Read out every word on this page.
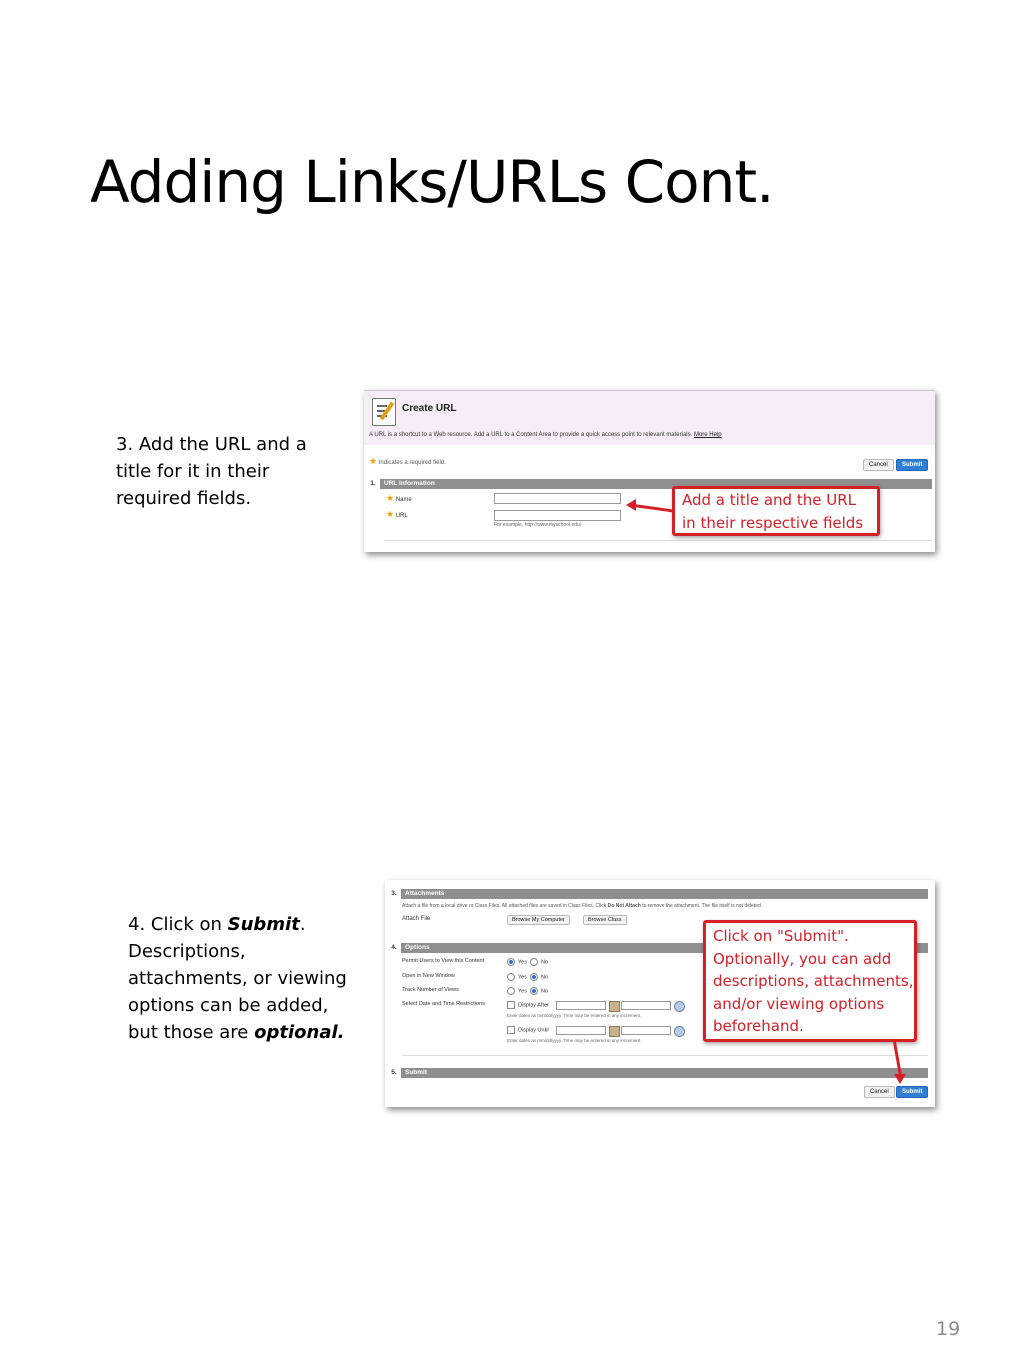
Adding Links/URLs Cont.
3. Add the URL and a title for it in their required fields.
4. Click on Submit. Descriptions, attachments, or viewing options can be added, but those are optional.
Create URL
A URL is a shortcut to a Web resource. Add a URL to a Content Area to provide a quick access point to relevant materials. More Help
★ Indicates a required field.	Cancel	Submit
1.	URL Information
★ Name
★ URL
For example, http://www.myschool.edu/
Add a title and the URL
in their respective fields
3.	Attachments
Attach a file from a local drive or Class Files. All attached files are saved in Class Files. Click Do Not Attach to remove the attachment. The file itself is not deleted.
Attach File	Browse My Computer	Browse Class
4.	Options
Permit Users to View this Content	Yes	No
Open in New Window	Yes	No
Track Number of Views	Yes	No
Select Date and Time Restrictions	Display After
Enter dates as mm/dd/yyyy. Time may be entered in any increment.
Display Until
Enter dates as mm/dd/yyyy. Time may be entered in any increment.
5.	Submit
Cancel	Submit
Click on "Submit".
Optionally, you can add
descriptions, attachments,
and/or viewing options
beforehand.
19
